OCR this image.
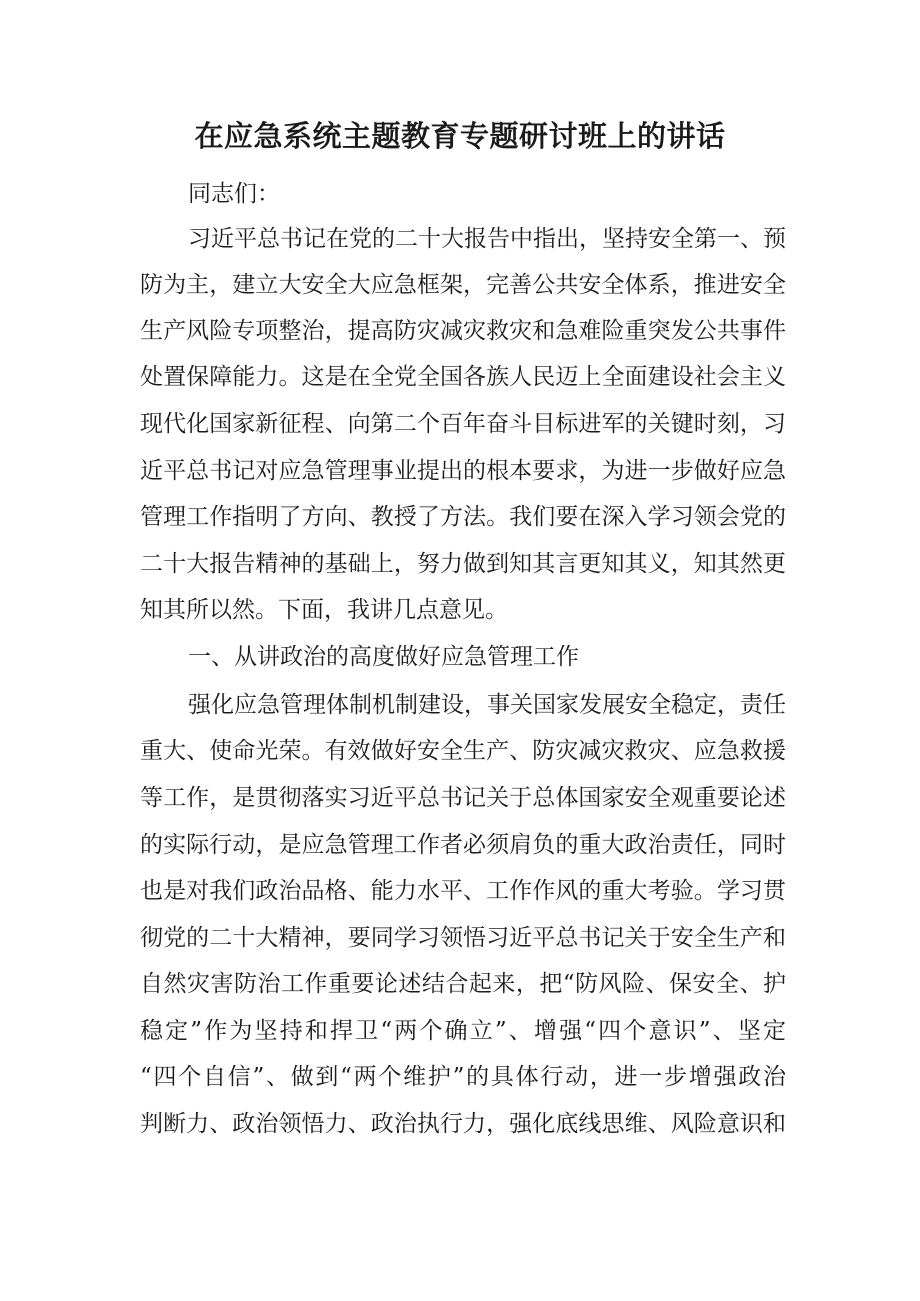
在应急系统主题教育专题研讨班上的讲话

同志们：

习近平总书记在党的二十大报告中指出，坚持安全第一、预

防为主，建立大安全大应急框架，完善公共安全体系，推进安全

生产风险专项整治，提高防灾减灾救灾和急难险重突发公共事件

处置保障能力。这是在全党全国各族人民迈上全面建设社会主义

现代化国家新征程、向第二个百年奋斗目标进军的关键时刻，习

近平总书记对应急管理事业提出的根本要求，为进一步做好应急

管理工作指明了方向、教授了方法。我们要在深入学习领会党的

二十大报告精神的基础上，努力做到知其言更知其义，知其然更

知其所以然。下面，我讲几点意见。

一、从讲政治的高度做好应急管理工作

强化应急管理体制机制建设，事关国家发展安全稳定，责任

重大、使命光荣。有效做好安全生产、防灾减灾救灾、应急救援

等工作，是贯彻落实习近平总书记关于总体国家安全观重要论述

的实际行动，是应急管理工作者必须肩负的重大政治责任，同时

也是对我们政治品格、能力水平、工作作风的重大考验。学习贯

彻党的二十大精神，要同学习领悟习近平总书记关于安全生产和

自然灾害防治工作重要论述结合起来，把“防风险、保安全、护

稳定”作为坚持和捍卫“两个确立”、增强“四个意识”、坚定

“四个自信”、做到“两个维护”的具体行动，进一步增强政治

判断力、政治领悟力、政治执行力，强化底线思维、风险意识和
